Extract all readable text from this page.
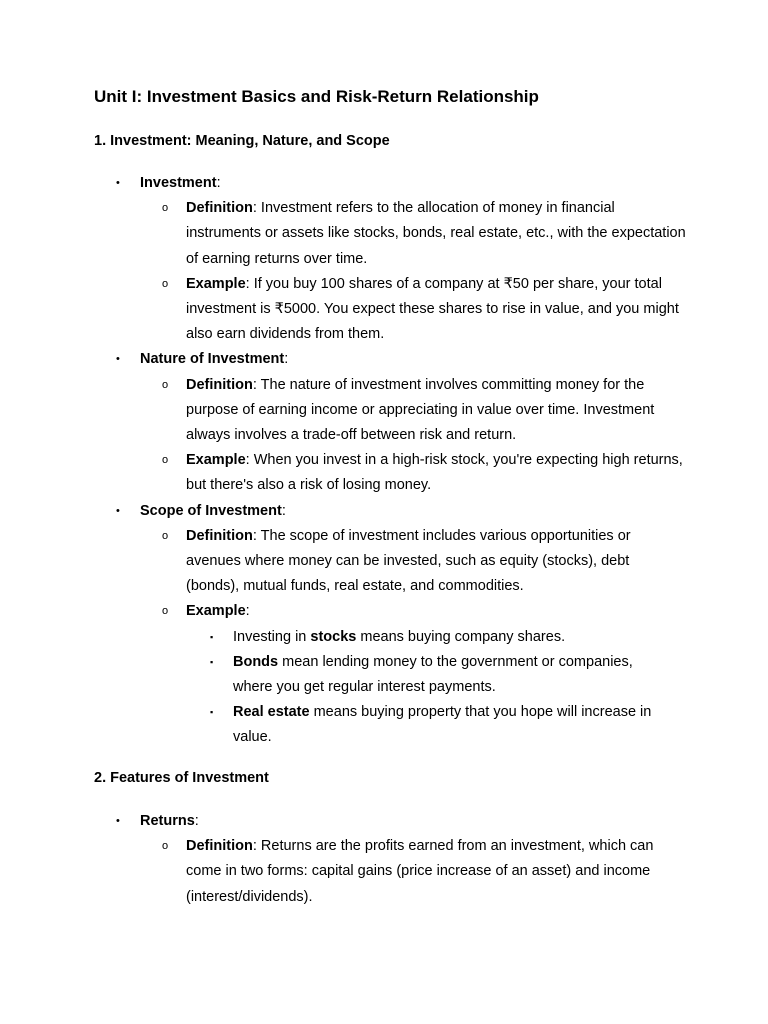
Unit I: Investment Basics and Risk-Return Relationship
1. Investment: Meaning, Nature, and Scope
• Investment:
o Definition: Investment refers to the allocation of money in financial instruments or assets like stocks, bonds, real estate, etc., with the expectation of earning returns over time.
o Example: If you buy 100 shares of a company at ₹50 per share, your total investment is ₹5000. You expect these shares to rise in value, and you might also earn dividends from them.
• Nature of Investment:
o Definition: The nature of investment involves committing money for the purpose of earning income or appreciating in value over time. Investment always involves a trade-off between risk and return.
o Example: When you invest in a high-risk stock, you're expecting high returns, but there's also a risk of losing money.
• Scope of Investment:
o Definition: The scope of investment includes various opportunities or avenues where money can be invested, such as equity (stocks), debt (bonds), mutual funds, real estate, and commodities.
o Example:
▪ Investing in stocks means buying company shares.
▪ Bonds mean lending money to the government or companies, where you get regular interest payments.
▪ Real estate means buying property that you hope will increase in value.
2. Features of Investment
• Returns:
o Definition: Returns are the profits earned from an investment, which can come in two forms: capital gains (price increase of an asset) and income (interest/dividends).
